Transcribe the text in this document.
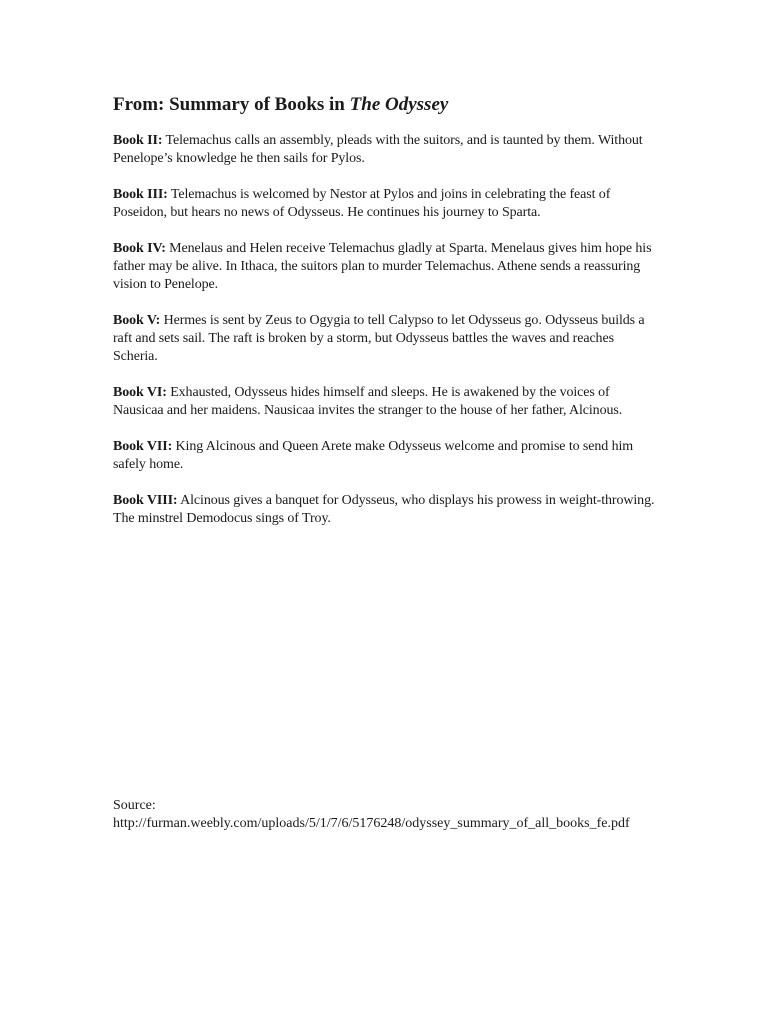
From: Summary of Books in The Odyssey

Book II: Telemachus calls an assembly, pleads with the suitors, and is taunted by them. Without Penelope’s knowledge he then sails for Pylos.

Book III: Telemachus is welcomed by Nestor at Pylos and joins in celebrating the feast of Poseidon, but hears no news of Odysseus. He continues his journey to Sparta.

Book IV: Menelaus and Helen receive Telemachus gladly at Sparta. Menelaus gives him hope his father may be alive. In Ithaca, the suitors plan to murder Telemachus. Athene sends a reassuring vision to Penelope.

Book V: Hermes is sent by Zeus to Ogygia to tell Calypso to let Odysseus go. Odysseus builds a raft and sets sail. The raft is broken by a storm, but Odysseus battles the waves and reaches Scheria.

Book VI: Exhausted, Odysseus hides himself and sleeps. He is awakened by the voices of Nausicaa and her maidens. Nausicaa invites the stranger to the house of her father, Alcinous.

Book VII: King Alcinous and Queen Arete make Odysseus welcome and promise to send him safely home.

Book VIII: Alcinous gives a banquet for Odysseus, who displays his prowess in weight-throwing. The minstrel Demodocus sings of Troy.

Source:
http://furman.weebly.com/uploads/5/1/7/6/5176248/odyssey_summary_of_all_books_fe.pdf
